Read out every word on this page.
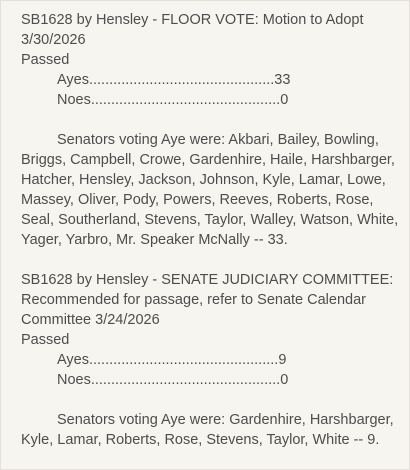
SB1628 by Hensley - FLOOR VOTE: Motion to Adopt
3/30/2026
Passed
Ayes..............................................33
Noes...............................................0
Senators voting Aye were: Akbari, Bailey, Bowling, Briggs, Campbell, Crowe, Gardenhire, Haile, Harshbarger, Hatcher, Hensley, Jackson, Johnson, Kyle, Lamar, Lowe, Massey, Oliver, Pody, Powers, Reeves, Roberts, Rose, Seal, Southerland, Stevens, Taylor, Walley, Watson, White, Yager, Yarbro, Mr. Speaker McNally -- 33.
SB1628 by Hensley - SENATE JUDICIARY COMMITTEE:
Recommended for passage, refer to Senate Calendar
Committee 3/24/2026
Passed
Ayes...............................................9
Noes...............................................0
Senators voting Aye were: Gardenhire, Harshbarger, Kyle, Lamar, Roberts, Rose, Stevens, Taylor, White -- 9.
